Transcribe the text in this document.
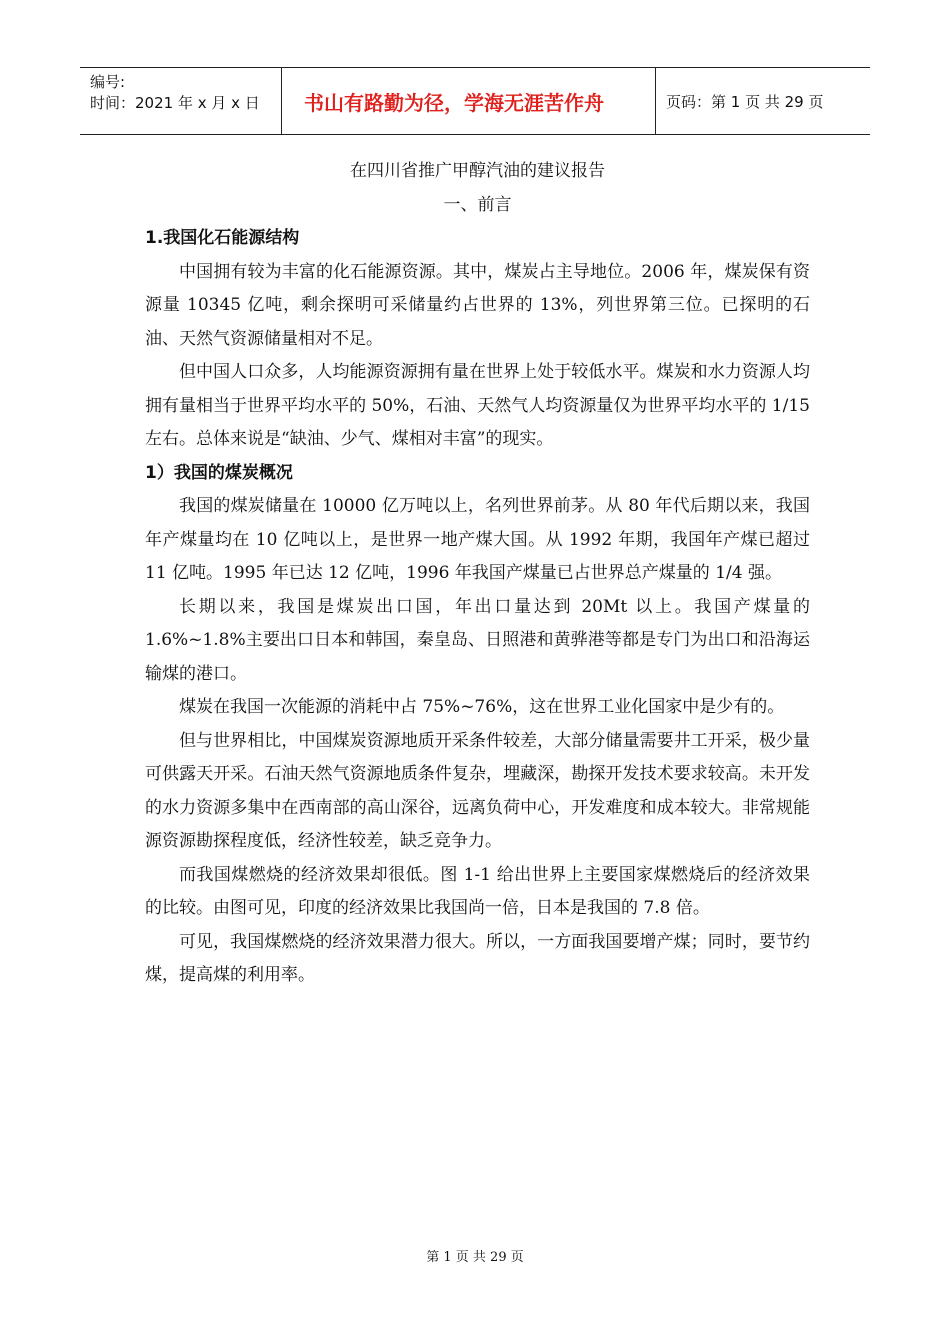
编号:
时间：2021 年 x 月 x 日	书山有路勤为径，学海无涯苦作舟	页码：第 1 页 共 29 页

在四川省推广甲醇汽油的建议报告

一、前言

1.我国化石能源结构

中国拥有较为丰富的化石能源资源。其中，煤炭占主导地位。2006 年，煤炭保有资源量 10345 亿吨，剩余探明可采储量约占世界的 13%，列世界第三位。已探明的石油、天然气资源储量相对不足。

但中国人口众多，人均能源资源拥有量在世界上处于较低水平。煤炭和水力资源人均拥有量相当于世界平均水平的 50%，石油、天然气人均资源量仅为世界平均水平的 1/15 左右。总体来说是“缺油、少气、煤相对丰富”的现实。

1）我国的煤炭概况

我国的煤炭储量在 10000 亿万吨以上，名列世界前茅。从 80 年代后期以来，我国年产煤量均在 10 亿吨以上，是世界一地产煤大国。从 1992 年期，我国年产煤已超过 11 亿吨。1995 年已达 12 亿吨，1996 年我国产煤量已占世界总产煤量的 1/4 强。

长期以来，我国是煤炭出口国，年出口量达到 20Mt 以上。我国产煤量的 1.6%~1.8%主要出口日本和韩国，秦皇岛、日照港和黄骅港等都是专门为出口和沿海运输煤的港口。

煤炭在我国一次能源的消耗中占 75%~76%，这在世界工业化国家中是少有的。

但与世界相比，中国煤炭资源地质开采条件较差，大部分储量需要井工开采，极少量可供露天开采。石油天然气资源地质条件复杂，埋藏深，勘探开发技术要求较高。未开发的水力资源多集中在西南部的高山深谷，远离负荷中心，开发难度和成本较大。非常规能源资源勘探程度低，经济性较差，缺乏竞争力。

而我国煤燃烧的经济效果却很低。图 1-1 给出世界上主要国家煤燃烧后的经济效果的比较。由图可见，印度的经济效果比我国尚一倍，日本是我国的 7.8 倍。

可见，我国煤燃烧的经济效果潜力很大。所以，一方面我国要增产煤；同时，要节约煤，提高煤的利用率。

第 1 页 共 29 页
